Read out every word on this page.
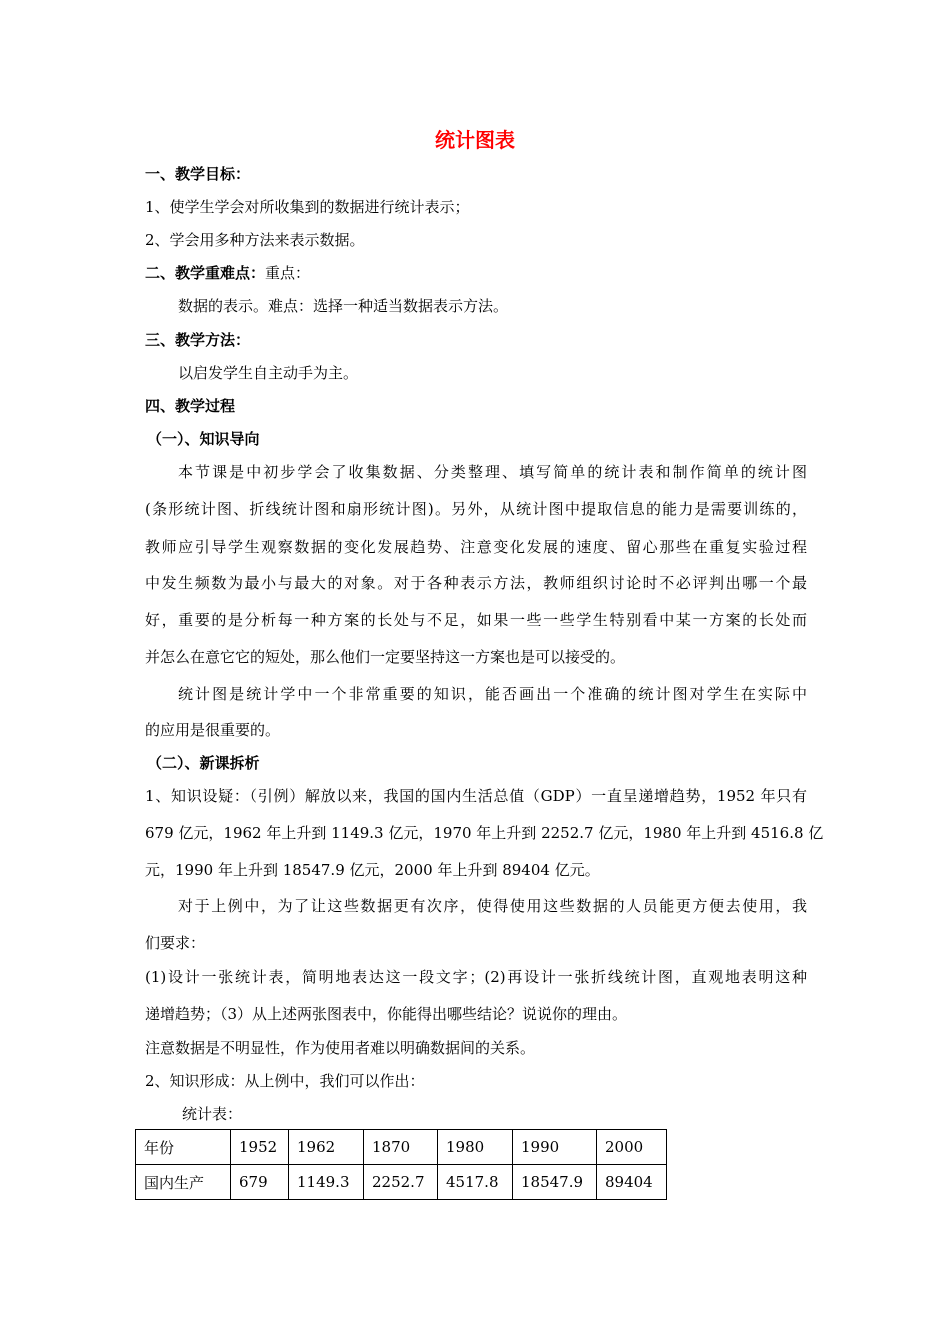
统计图表
一、教学目标：
1、使学生学会对所收集到的数据进行统计表示；
2、学会用多种方法来表示数据。
二、教学重难点：重点：
数据的表示。难点：选择一种适当数据表示方法。
三、教学方法：
以启发学生自主动手为主。
四、教学过程
（一）、知识导向
本节课是中初步学会了收集数据、分类整理、填写简单的统计表和制作简单的统计图
(条形统计图、折线统计图和扇形统计图)。另外，从统计图中提取信息的能力是需要训练的，
教师应引导学生观察数据的变化发展趋势、注意变化发展的速度、留心那些在重复实验过程
中发生频数为最小与最大的对象。对于各种表示方法，教师组织讨论时不必评判出哪一个最
好，重要的是分析每一种方案的长处与不足，如果一些一些学生特别看中某一方案的长处而
并怎么在意它它的短处，那么他们一定要坚持这一方案也是可以接受的。
统计图是统计学中一个非常重要的知识，能否画出一个准确的统计图对学生在实际中
的应用是很重要的。
（二）、新课拆析
1、知识设疑：（引例）解放以来，我国的国内生活总值（GDP）一直呈递增趋势，1952 年只有
679 亿元，1962 年上升到 1149.3 亿元，1970 年上升到 2252.7 亿元，1980 年上升到 4516.8 亿
元，1990 年上升到 18547.9 亿元，2000 年上升到 89404 亿元。
对于上例中，为了让这些数据更有次序，使得使用这些数据的人员能更方便去使用，我
们要求：
(1)设计一张统计表，简明地表达这一段文字；(2)再设计一张折线统计图，直观地表明这种
递增趋势；（3）从上述两张图表中，你能得出哪些结论？说说你的理由。
注意数据是不明显性，作为使用者难以明确数据间的关系。
2、知识形成：从上例中，我们可以作出：
统计表：
年份	1952	1962	1870	1980	1990	2000
国内生产	679	1149.3	2252.7	4517.8	18547.9	89404
